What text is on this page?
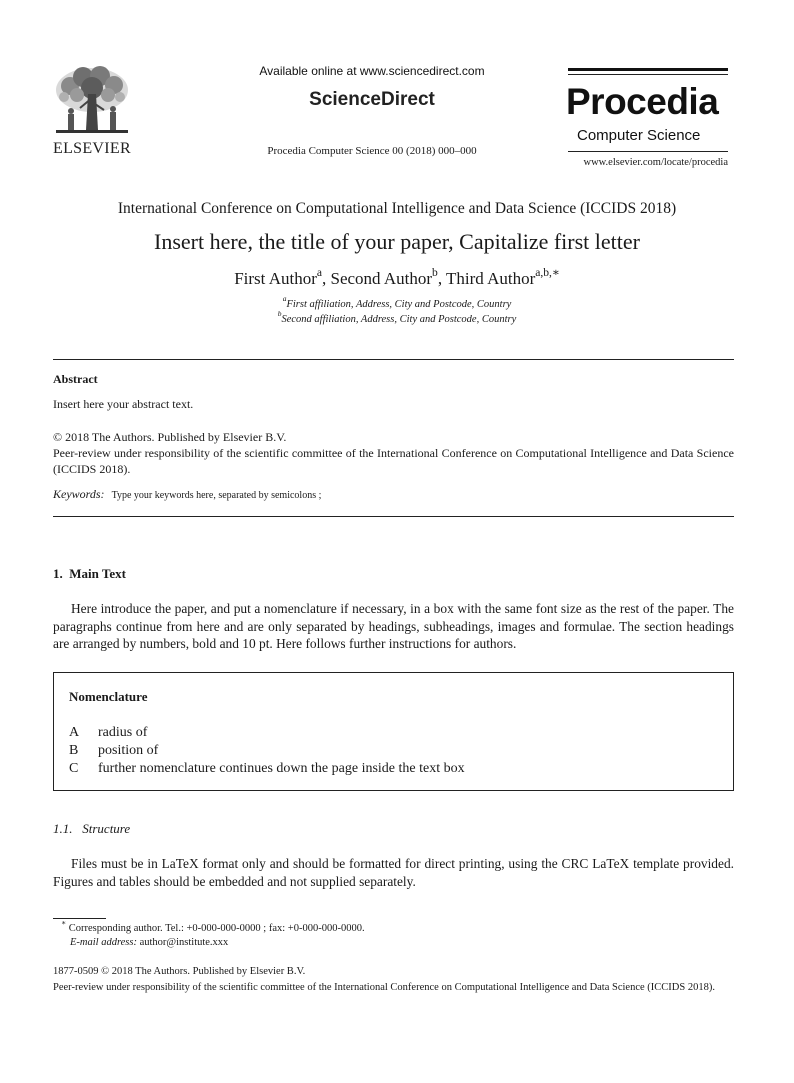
ELSEVIER
Available online at www.sciencedirect.com
ScienceDirect
Procedia Computer Science 00 (2018) 000–000
Procedia
Computer Science
www.elsevier.com/locate/procedia
International Conference on Computational Intelligence and Data Science (ICCIDS 2018)
Insert here, the title of your paper, Capitalize first letter
First Author$^a$, Second Author$^b$, Third Author$^{a,b,∗}$
$^a$First affiliation, Address, City and Postcode, Country
$^b$Second affiliation, Address, City and Postcode, Country
Abstract
Insert here your abstract text.
© 2018 The Authors. Published by Elsevier B.V.
Peer-review under responsibility of the scientific committee of the International Conference on Computational Intelligence and Data Science (ICCIDS 2018).
Keywords: Type your keywords here, separated by semicolons ;
1.  Main Text
Here introduce the paper, and put a nomenclature if necessary, in a box with the same font size as the rest of the paper. The paragraphs continue from here and are only separated by headings, subheadings, images and formulae. The section headings are arranged by numbers, bold and 10 pt. Here follows further instructions for authors.
Nomenclature
A radius of
B position of
C further nomenclature continues down the page inside the text box
1.1.   Structure
Files must be in LaTeX format only and should be formatted for direct printing, using the CRC LaTeX template provided. Figures and tables should be embedded and not supplied separately.
∗ Corresponding author. Tel.: +0-000-000-0000 ; fax: +0-000-000-0000.
E-mail address: author@institute.xxx
1877-0509 © 2018 The Authors. Published by Elsevier B.V.
Peer-review under responsibility of the scientific committee of the International Conference on Computational Intelligence and Data Science (ICCIDS 2018).
